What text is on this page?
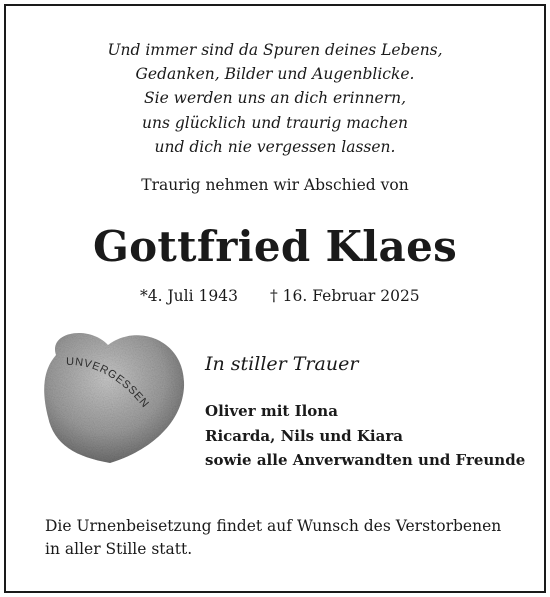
Und immer sind da Spuren deines Lebens,
Gedanken, Bilder und Augenblicke.
Sie werden uns an dich erinnern,
uns glücklich und traurig machen
und dich nie vergessen lassen.
Traurig nehmen wir Abschied von
Gottfried Klaes
*4. Juli 1943 † 16. Februar 2025
UNVERGESSEN
In stiller Trauer
Oliver mit Ilona
Ricarda, Nils und Kiara
sowie alle Anverwandten und Freunde
Die Urnenbeisetzung findet auf Wunsch des Verstorbenen in aller Stille statt.
